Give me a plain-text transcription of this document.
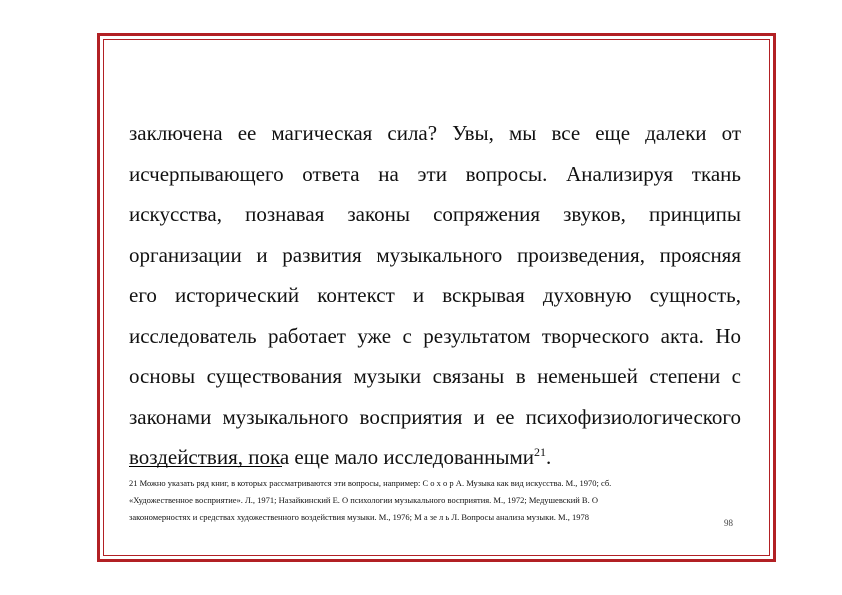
заключена ее магическая сила? Увы, мы все еще далеки от
исчерпывающего ответа на эти вопросы. Анализируя ткань
искусства, познавая законы сопряжения звуков, принципы
организации и развития музыкального произведения, проясняя
его исторический контекст и вскрывая духовную сущность,
исследователь работает уже с результатом творческого акта. Но
основы существования музыки связаны в неменьшей степени с
законами музыкального восприятия и ее психофизиологического
воздействия, пока еще мало исследованными$^{21}$.
21 Можно указать ряд книг, в которых рассматриваются эти вопросы, например: С о х о р А. Музыка как вид искусства. М., 1970; сб.
«Художественное восприятие». Л., 1971; Назайкинский Е. О психологии музыкального восприятия. М., 1972; Медушевский В. О
закономерностях и средствах художественного воздействия музыки. М., 1976; М а зе л ь Л. Вопросы анализа музыки. М., 1978
98
